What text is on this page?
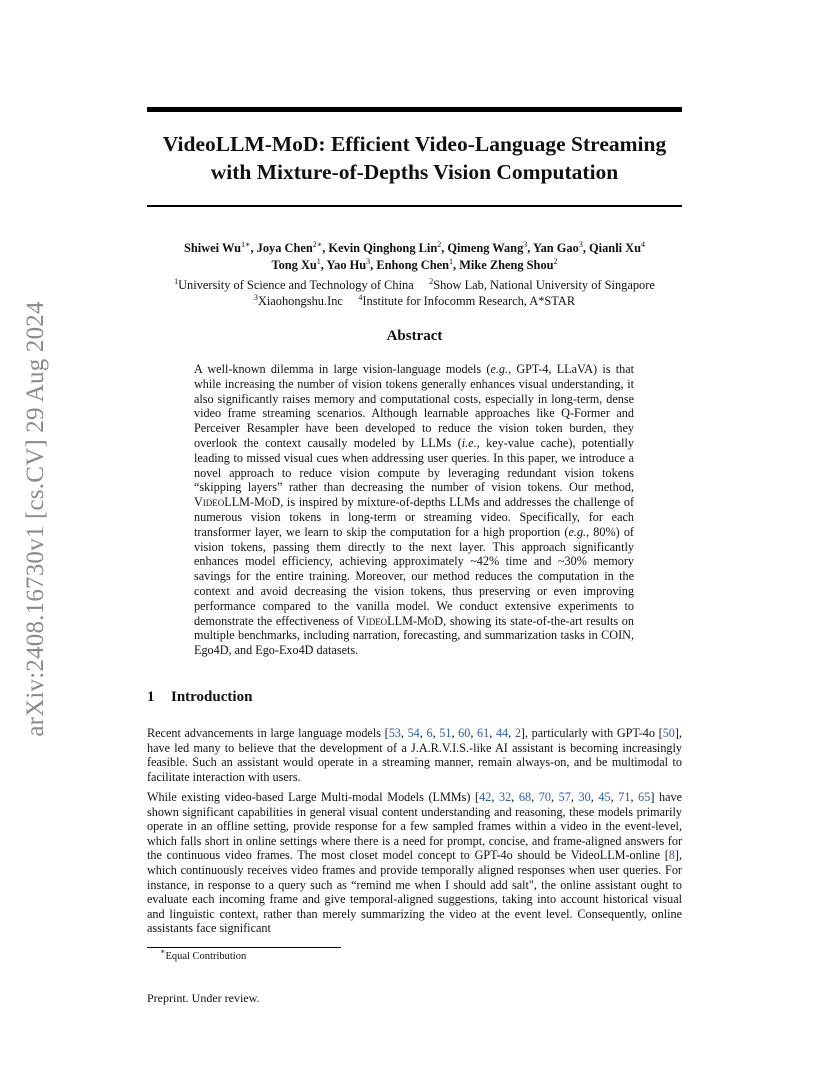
arXiv:2408.16730v1 [cs.CV] 29 Aug 2024
VideoLLM-MoD: Efficient Video-Language Streaming
with Mixture-of-Depths Vision Computation
Shiwei $Wu^{1∗}$, Joya Chen$^{2∗}$, Kevin Qinghong Lin$^2$, Qimeng Wang$^3$, Yan Gao$^3$, Qianli Xu$^4$
Tong Xu$^1$, Yao Hu$^3$, Enhong Chen$^1$, Mike Zheng Shou$^2$
$^1$University of Science and Technology of China $^2$Show Lab, National University of Singapore
$^3$Xiaohongshu.Inc $^4$Institute for Infocomm Research, A*STAR
Abstract
A well-known dilemma in large vision-language models (e.g., GPT-4, LLaVA) is that while increasing the number of vision tokens generally enhances visual understanding, it also significantly raises memory and computational costs, especially in long-term, dense video frame streaming scenarios. Although learnable approaches like Q-Former and Perceiver Resampler have been developed to reduce the vision token burden, they overlook the context causally modeled by LLMs (i.e., key-value cache), potentially leading to missed visual cues when addressing user queries. In this paper, we introduce a novel approach to reduce vision compute by leveraging redundant vision tokens “skipping layers” rather than decreasing the number of vision tokens. Our method, VideoLLM-MoD, is inspired by mixture-of-depths LLMs and addresses the challenge of numerous vision tokens in long-term or streaming video. Specifically, for each transformer layer, we learn to skip the computation for a high proportion (e.g., 80%) of vision tokens, passing them directly to the next layer. This approach significantly enhances model efficiency, achieving approximately ~42% time and ~30% memory savings for the entire training. Moreover, our method reduces the computation in the context and avoid decreasing the vision tokens, thus preserving or even improving performance compared to the vanilla model. We conduct extensive experiments to demonstrate the effectiveness of VideoLLM-MoD, showing its state-of-the-art results on multiple benchmarks, including narration, forecasting, and summarization tasks in COIN, Ego4D, and Ego-Exo4D datasets.
1 Introduction

Recent advancements in large language models [53, 54, 6, 51, 60, 61, 44, 2], particularly with GPT-4o [50], have led many to believe that the development of a J.A.R.V.I.S.-like AI assistant is becoming increasingly feasible. Such an assistant would operate in a streaming manner, remain always-on, and be multimodal to facilitate interaction with users.

While existing video-based Large Multi-modal Models (LMMs) [42, 32, 68, 70, 57, 30, 45, 71, 65] have shown significant capabilities in general visual content understanding and reasoning, these models primarily operate in an offline setting, provide response for a few sampled frames within a video in the event-level, which falls short in online settings where there is a need for prompt, concise, and frame-aligned answers for the continuous video frames. The most closet model concept to GPT-4o should be VideoLLM-online [8], which continuously receives video frames and provide temporally aligned responses when user queries. For instance, in response to a query such as “remind me when I should add salt", the online assistant ought to evaluate each incoming frame and give temporal-aligned suggestions, taking into account historical visual and linguistic context, rather than merely summarizing the video at the event level. Consequently, online assistants face significant

∗Equal Contribution
Preprint. Under review.
